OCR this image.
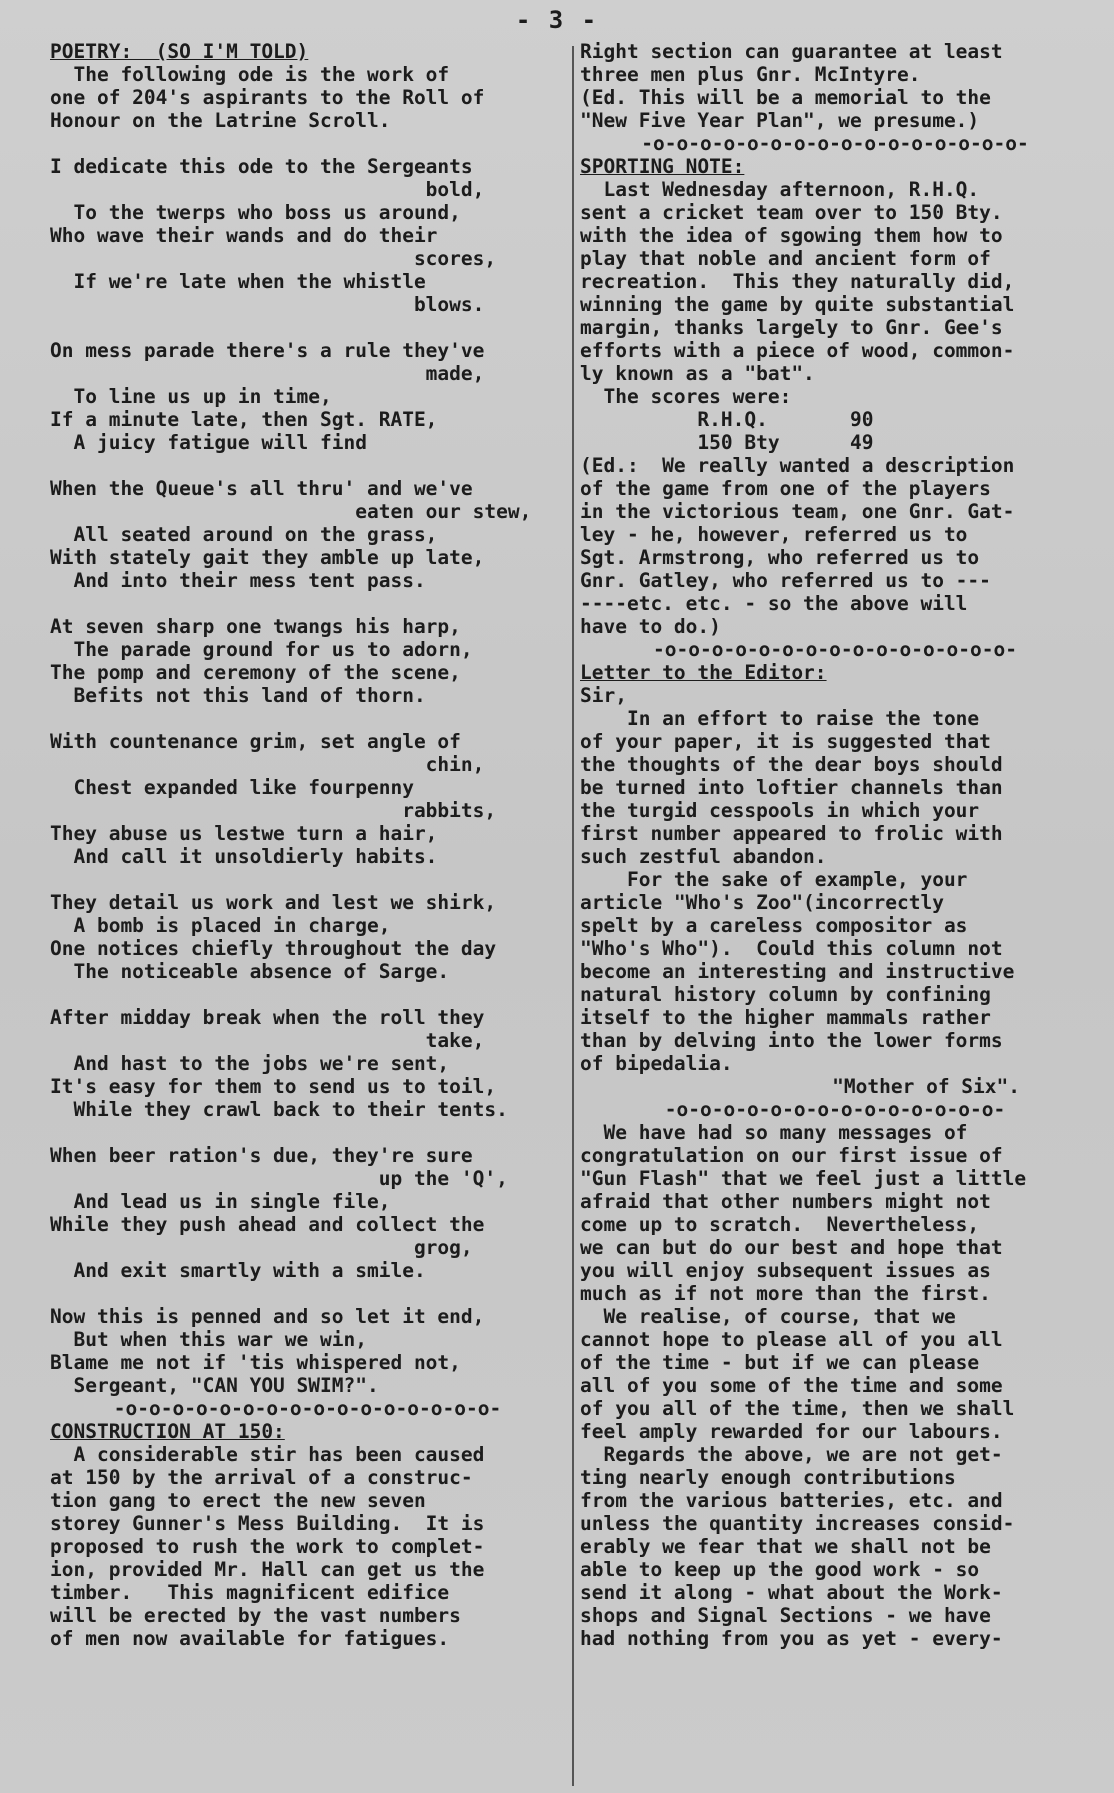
- 3 -
POETRY:  (SO I'M TOLD)
The following ode is the work of
one of 204's aspirants to the Roll of
Honour on the Latrine Scroll.
I dedicate this ode to the Sergeants
bold,
To the twerps who boss us around,
Who wave their wands and do their
scores,
If we're late when the whistle
blows.
On mess parade there's a rule they've
made,
To line us up in time,
If a minute late, then Sgt. RATE,
A juicy fatigue will find
When the Queue's all thru' and we've
eaten our stew,
All seated around on the grass,
With stately gait they amble up late,
And into their mess tent pass.
At seven sharp one twangs his harp,
The parade ground for us to adorn,
The pomp and ceremony of the scene,
Befits not this land of thorn.
With countenance grim, set angle of
chin,
Chest expanded like fourpenny
rabbits,
They abuse us lestwe turn a hair,
And call it unsoldierly habits.
They detail us work and lest we shirk,
A bomb is placed in charge,
One notices chiefly throughout the day
The noticeable absence of Sarge.
After midday break when the roll they
take,
And hast to the jobs we're sent,
It's easy for them to send us to toil,
While they crawl back to their tents.
When beer ration's due, they're sure
up the 'Q',
And lead us in single file,
While they push ahead and collect the
grog,
And exit smartly with a smile.
Now this is penned and so let it end,
But when this war we win,
Blame me not if 'tis whispered not,
Sergeant, "CAN YOU SWIM?".
-o-o-o-o-o-o-o-o-o-o-o-o-o-o-o-o-
CONSTRUCTION AT 150:
A considerable stir has been caused
at 150 by the arrival of a construc-
tion gang to erect the new seven
storey Gunner's Mess Building.  It is
proposed to rush the work to complet-
ion, provided Mr. Hall can get us the
timber.   This magnificent edifice
will be erected by the vast numbers
of men now available for fatigues.
Right section can guarantee at least
three men plus Gnr. McIntyre.
(Ed. This will be a memorial to the
"New Five Year Plan", we presume.)
-o-o-o-o-o-o-o-o-o-o-o-o-o-o-o-o-
SPORTING NOTE:
Last Wednesday afternoon, R.H.Q.
sent a cricket team over to 150 Bty.
with the idea of sgowing them how to
play that noble and ancient form of
recreation.  This they naturally did,
winning the game by quite substantial
margin, thanks largely to Gnr. Gee's
efforts with a piece of wood, common-
ly known as a "bat".
The scores were:
R.H.Q.       90
150 Bty      49
(Ed.:  We really wanted a description
of the game from one of the players
in the victorious team, one Gnr. Gat-
ley - he, however, referred us to
Sgt. Armstrong, who referred us to
Gnr. Gatley, who referred us to ---
----etc. etc. - so the above will
have to do.)
-o-o-o-o-o-o-o-o-o-o-o-o-o-o-o-
Letter to the Editor:
Sir,
In an effort to raise the tone
of your paper, it is suggested that
the thoughts of the dear boys should
be turned into loftier channels than
the turgid cesspools in which your
first number appeared to frolic with
such zestful abandon.
For the sake of example, your
article "Who's Zoo"(incorrectly
spelt by a careless compositor as
"Who's Who").  Could this column not
become an interesting and instructive
natural history column by confining
itself to the higher mammals rather
than by delving into the lower forms
of bipedalia.
"Mother of Six".
-o-o-o-o-o-o-o-o-o-o-o-o-o-o-
We have had so many messages of
congratulation on our first issue of
"Gun Flash" that we feel just a little
afraid that other numbers might not
come up to scratch.  Nevertheless,
we can but do our best and hope that
you will enjoy subsequent issues as
much as if not more than the first.
We realise, of course, that we
cannot hope to please all of you all
of the time - but if we can please
all of you some of the time and some
of you all of the time, then we shall
feel amply rewarded for our labours.
Regards the above, we are not get-
ting nearly enough contributions
from the various batteries, etc. and
unless the quantity increases consid-
erably we fear that we shall not be
able to keep up the good work - so
send it along - what about the Work-
shops and Signal Sections - we have
had nothing from you as yet - every-
